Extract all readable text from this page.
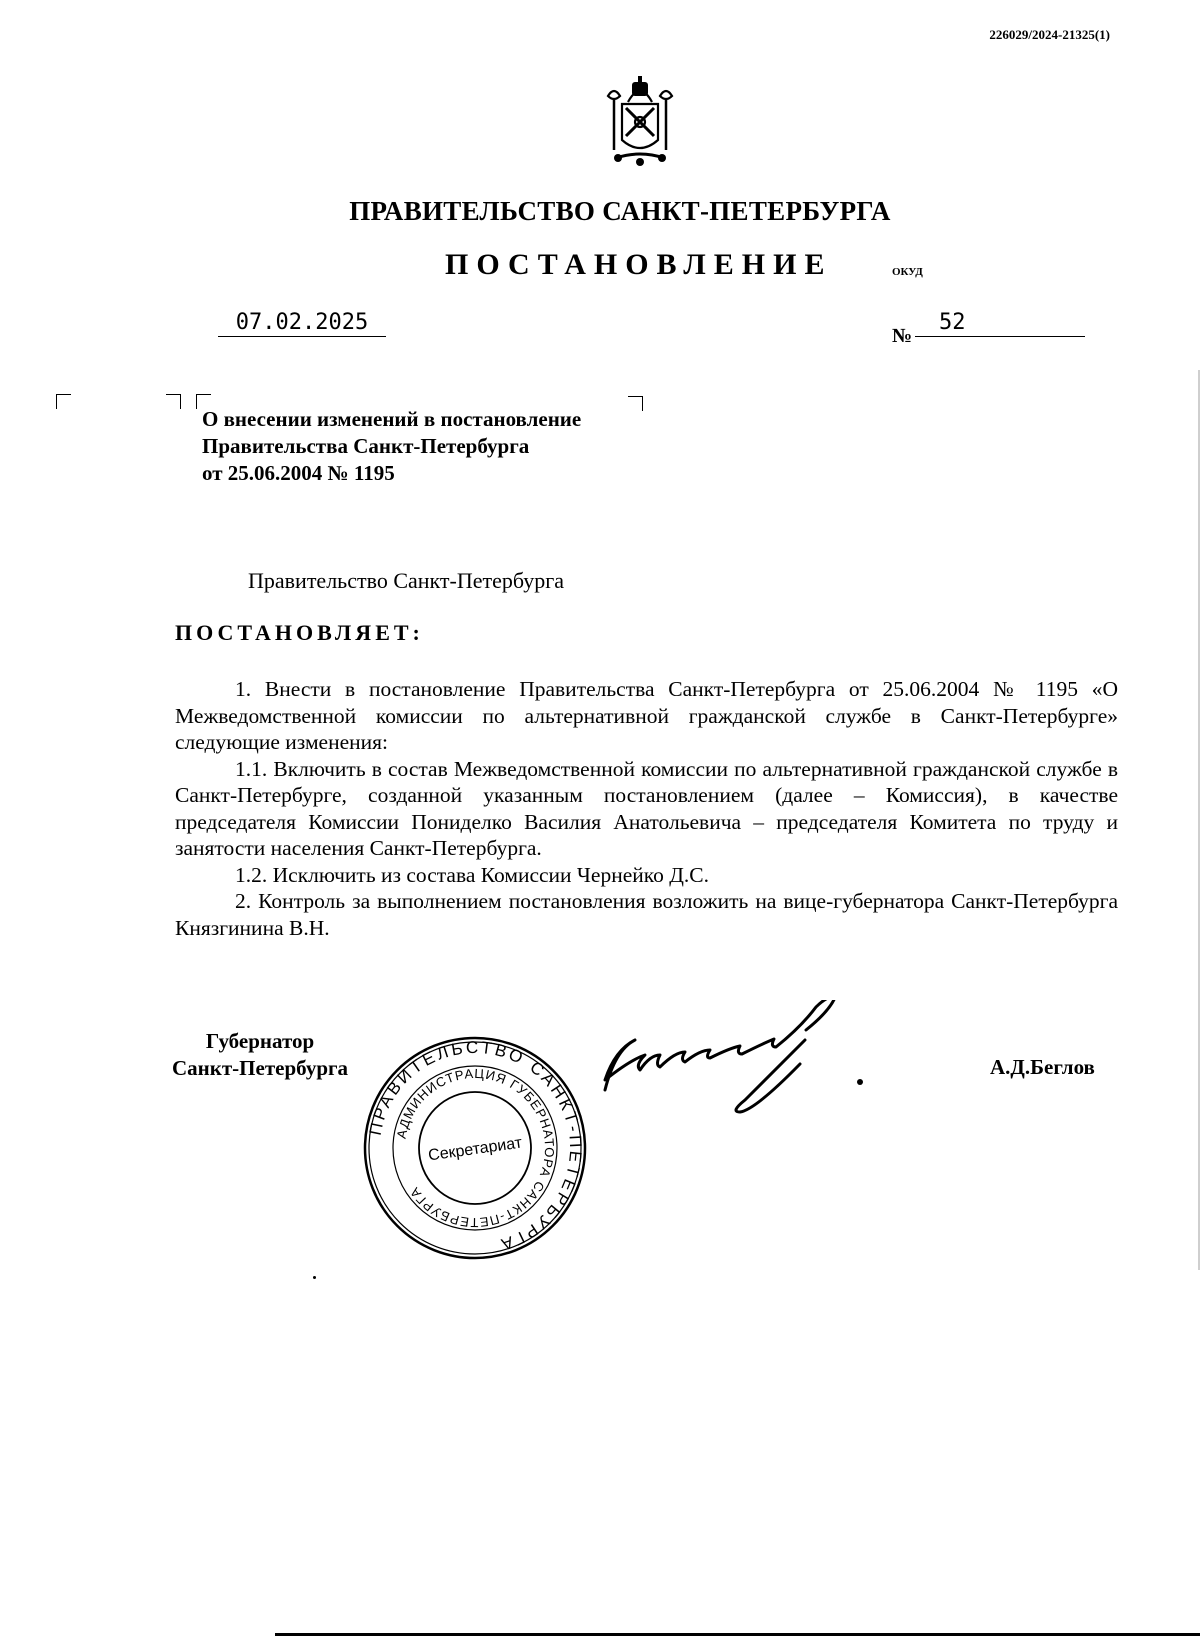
226029/2024-21325(1)
ПРАВИТЕЛЬСТВО САНКТ-ПЕТЕРБУРГА
ПОСТАНОВЛЕНИЕ	ОКУД
07.02.2025
№
52
О внесении изменений в постановление
Правительства Санкт-Петербурга
от 25.06.2004 № 1195
Правительство Санкт-Петербурга
ПОСТАНОВЛЯЕТ:

1. Внести в постановление Правительства Санкт-Петербурга от 25.06.2004 № 1195 «О Межведомственной комиссии по альтернативной гражданской службе в Санкт-Петербурге» следующие изменения:

1.1. Включить в состав Межведомственной комиссии по альтернативной гражданской службе в Санкт-Петербурге, созданной указанным постановлением (далее – Комиссия), в качестве председателя Комиссии Пониделко Василия Анатольевича – председателя Комитета по труду и занятости населения Санкт-Петербурга.

1.2. Исключить из состава Комиссии Чернейко Д.С.

2. Контроль за выполнением постановления возложить на вице-губернатора Санкт-Петербурга Князгинина В.Н.

Губернатор
Санкт-Петербурга
ПРАВИТЕЛЬСТВО САНКТ-ПЕТЕРБУРГА
АДМИНИСТРАЦИЯ ГУБЕРНАТОРА САНКТ-ПЕТЕРБУРГА
Секретариат
А.Д.Беглов
